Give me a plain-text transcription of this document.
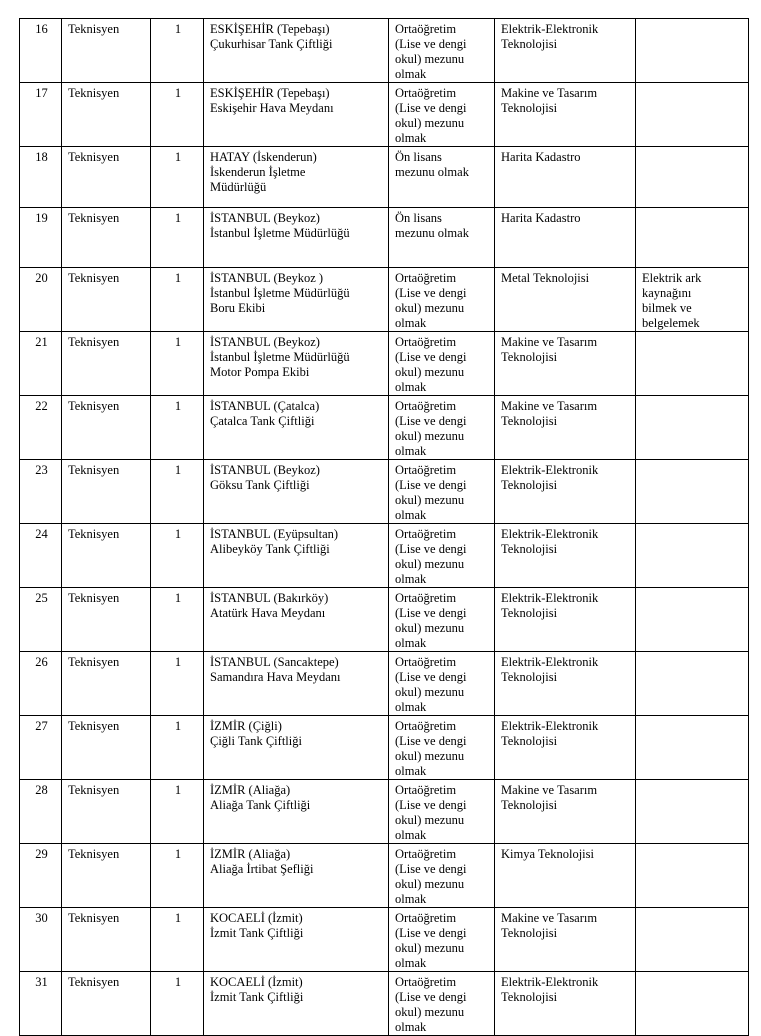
16	Teknisyen	1	ESKİŞEHİR (Tepebaşı)
Çukurhisar Tank Çiftliği	Ortaöğretim
(Lise ve dengi
okul) mezunu
olmak	Elektrik-Elektronik
Teknolojisi	
17	Teknisyen	1	ESKİŞEHİR (Tepebaşı)
Eskişehir Hava Meydanı	Ortaöğretim
(Lise ve dengi
okul) mezunu
olmak	Makine ve Tasarım
Teknolojisi	
18	Teknisyen	1	HATAY (İskenderun)
İskenderun İşletme
Müdürlüğü	Ön lisans
mezunu olmak	Harita Kadastro	
19	Teknisyen	1	İSTANBUL (Beykoz)
İstanbul İşletme Müdürlüğü	Ön lisans
mezunu olmak	Harita Kadastro	
20	Teknisyen	1	İSTANBUL (Beykoz )
İstanbul İşletme Müdürlüğü
Boru Ekibi	Ortaöğretim
(Lise ve dengi
okul) mezunu
olmak	Metal Teknolojisi	Elektrik ark
kaynağını
bilmek ve
belgelemek
21	Teknisyen	1	İSTANBUL (Beykoz)
İstanbul İşletme Müdürlüğü
Motor Pompa Ekibi	Ortaöğretim
(Lise ve dengi
okul) mezunu
olmak	Makine ve Tasarım
Teknolojisi	
22	Teknisyen	1	İSTANBUL (Çatalca)
Çatalca Tank Çiftliği	Ortaöğretim
(Lise ve dengi
okul) mezunu
olmak	Makine ve Tasarım
Teknolojisi	
23	Teknisyen	1	İSTANBUL (Beykoz)
Göksu Tank Çiftliği	Ortaöğretim
(Lise ve dengi
okul) mezunu
olmak	Elektrik-Elektronik
Teknolojisi	
24	Teknisyen	1	İSTANBUL (Eyüpsultan)
Alibeyköy Tank Çiftliği	Ortaöğretim
(Lise ve dengi
okul) mezunu
olmak	Elektrik-Elektronik
Teknolojisi	
25	Teknisyen	1	İSTANBUL (Bakırköy)
Atatürk Hava Meydanı	Ortaöğretim
(Lise ve dengi
okul) mezunu
olmak	Elektrik-Elektronik
Teknolojisi	
26	Teknisyen	1	İSTANBUL (Sancaktepe)
Samandıra Hava Meydanı	Ortaöğretim
(Lise ve dengi
okul) mezunu
olmak	Elektrik-Elektronik
Teknolojisi	
27	Teknisyen	1	İZMİR (Çiğli)
Çiğli Tank Çiftliği	Ortaöğretim
(Lise ve dengi
okul) mezunu
olmak	Elektrik-Elektronik
Teknolojisi	
28	Teknisyen	1	İZMİR (Aliağa)
Aliağa Tank Çiftliği	Ortaöğretim
(Lise ve dengi
okul) mezunu
olmak	Makine ve Tasarım
Teknolojisi	
29	Teknisyen	1	İZMİR (Aliağa)
Aliağa İrtibat Şefliği	Ortaöğretim
(Lise ve dengi
okul) mezunu
olmak	Kimya Teknolojisi	
30	Teknisyen	1	KOCAELİ (İzmit)
İzmit Tank Çiftliği	Ortaöğretim
(Lise ve dengi
okul) mezunu
olmak	Makine ve Tasarım
Teknolojisi	
31	Teknisyen	1	KOCAELİ (İzmit)
İzmit Tank Çiftliği	Ortaöğretim
(Lise ve dengi
okul) mezunu
olmak	Elektrik-Elektronik
Teknolojisi	
